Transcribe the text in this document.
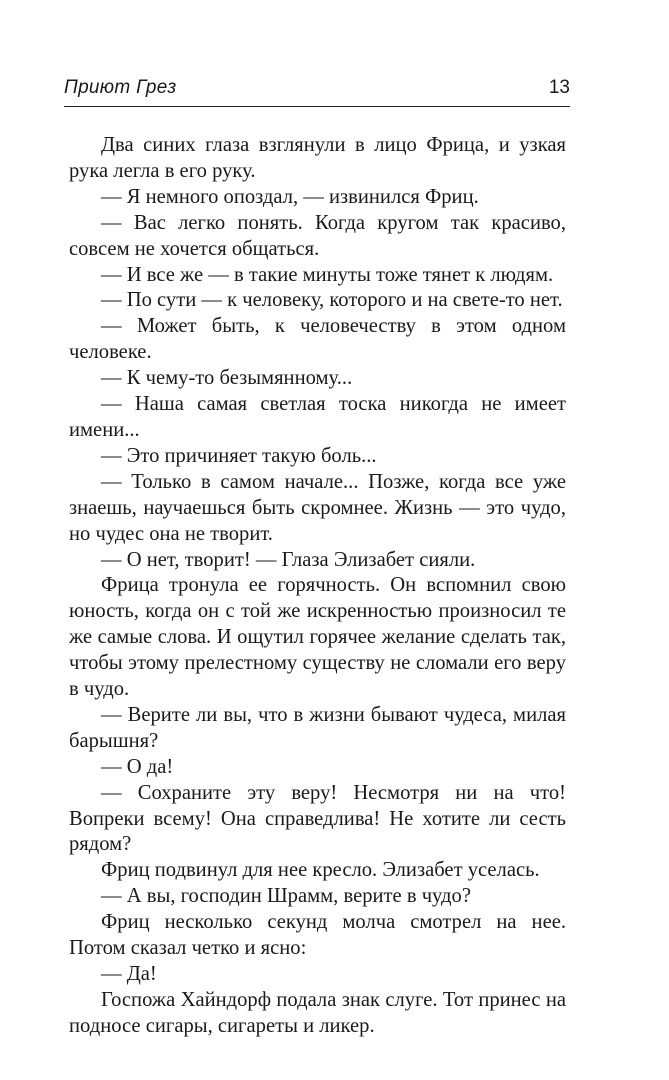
Приют Грез	13

Два синих глаза взглянули в лицо Фрица, и узкая рука легла в его руку.

— Я немного опоздал, — извинился Фриц.

— Вас легко понять. Когда кругом так красиво, совсем не хочется общаться.

— И все же — в такие минуты тоже тянет к людям.

— По сути — к человеку, которого и на свете-то нет.

— Может быть, к человечеству в этом одном человеке.

— К чему-то безымянному...

— Наша самая светлая тоска никогда не имеет имени...

— Это причиняет такую боль...

— Только в самом начале... Позже, когда все уже знаешь, научаешься быть скромнее. Жизнь — это чудо, но чудес она не творит.

— О нет, творит! — Глаза Элизабет сияли.

Фрица тронула ее горячность. Он вспомнил свою юность, когда он с той же искренностью произносил те же самые слова. И ощутил горячее желание сделать так, чтобы этому прелестному существу не сломали его веру в чудо.

— Верите ли вы, что в жизни бывают чудеса, милая барышня?

— О да!

— Сохраните эту веру! Несмотря ни на что! Вопреки всему! Она справедлива! Не хотите ли сесть рядом?

Фриц подвинул для нее кресло. Элизабет уселась.

— А вы, господин Шрамм, верите в чудо?

Фриц несколько секунд молча смотрел на нее. Потом сказал четко и ясно:

— Да!

Госпожа Хайндорф подала знак слуге. Тот принес на подносе сигары, сигареты и ликер.
